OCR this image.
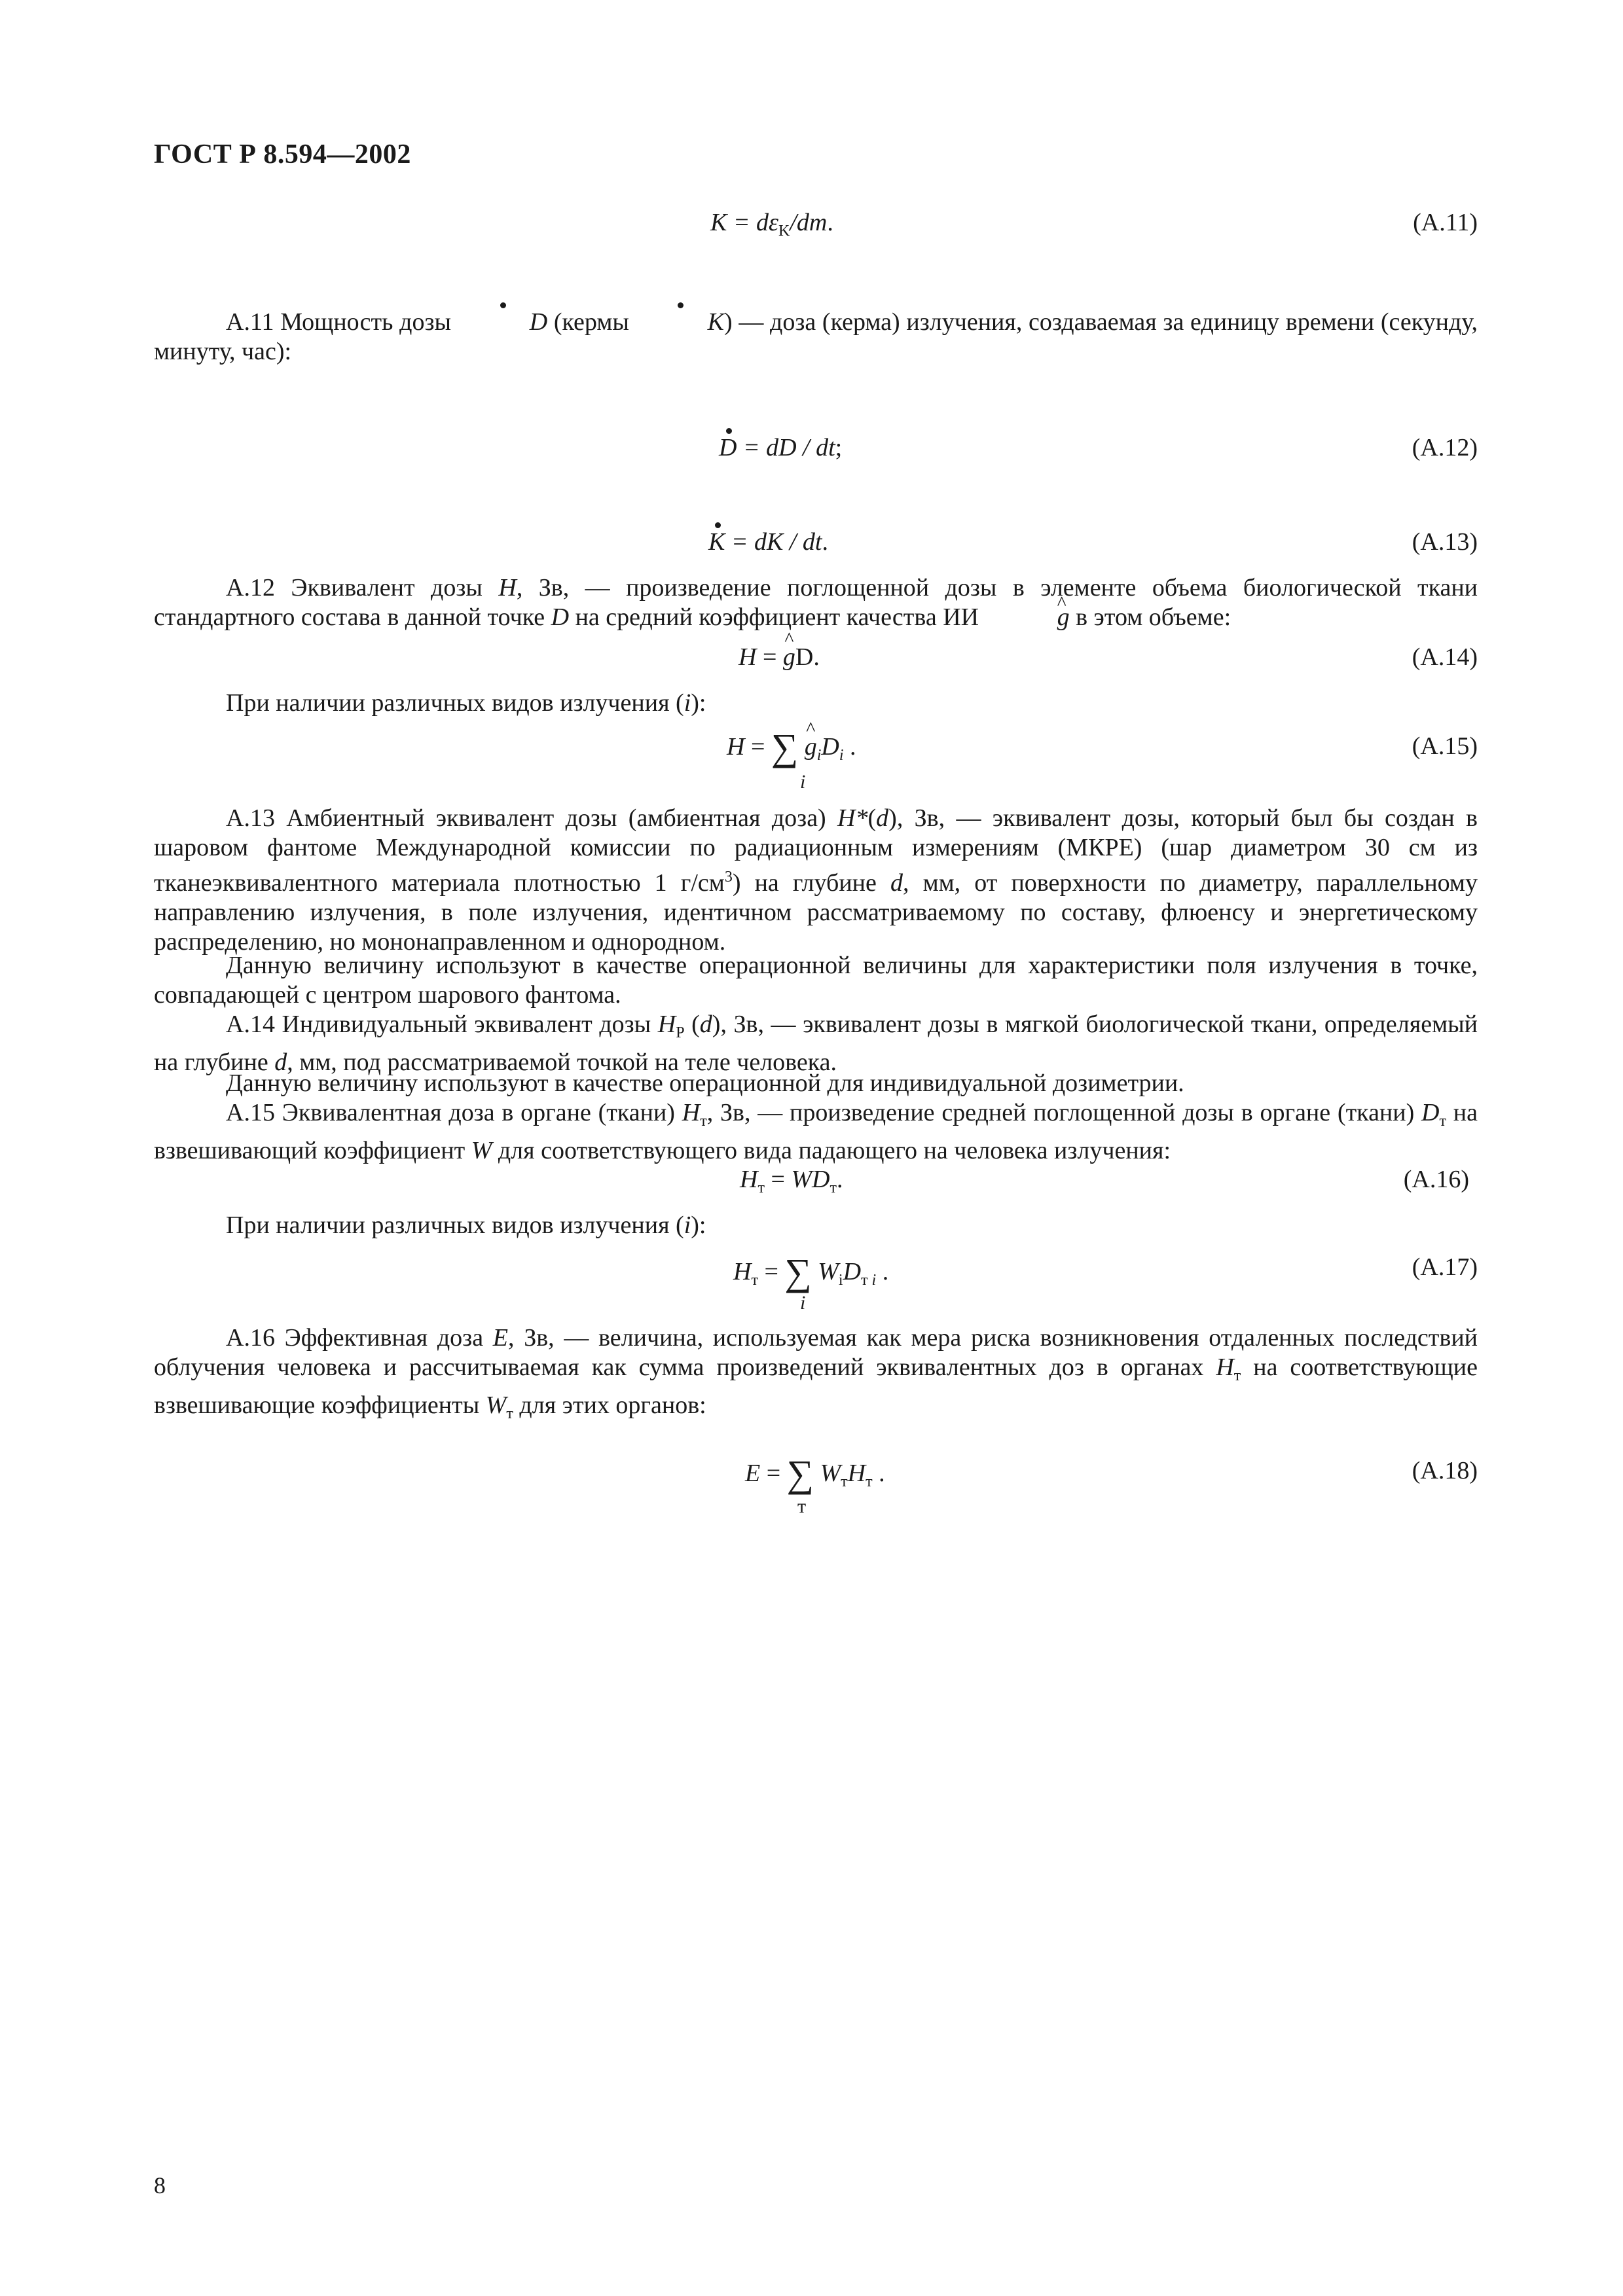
ГОСТ Р 8.594—2002
$K = d\varepsilon_K/dm$.	(А.11)
А.11 Мощность дозы	D (кермы	K) — доза (керма) излучения, создаваемая за единицу времени (секунду, минуту, час):
D = dD / dt;	(А.12)
K = dK / dt.	(А.13)
А.12 Эквивалент дозы H, Зв, — произведение поглощенной дозы в элементе объема биологической ткани стандартного состава в данной точке D на средний коэффициент качества ИИ	^ g в этом объеме:
H = ^ gD.	(А.14)
При наличии различных видов излучения (i):
H = ∑ ^ $g_iD_i$ .
i
(А.15)
А.13 Амбиентный эквивалент дозы (амбиентная доза) H*(d), Зв, — эквивалент дозы, который был бы создан в шаровом фантоме Международной комиссии по радиационным измерениям (МКРЕ) (шар диаметром 30 см из тканеэквивалентного материала плотностью 1 $г/см^3$) на глубине d, мм, от поверхности по диаметру, параллельному направлению излучения, в поле излучения, идентичном рассматриваемому по составу, флюенсу и энергетическому распределению, но мононаправленном и однородном.
Данную величину используют в качестве операционной величины для характеристики поля излучения в точке, совпадающей с центром шарового фантома.
А.14 Индивидуальный эквивалент дозы $H_P$ (d), Зв, — эквивалент дозы в мягкой биологической ткани, определяемый на глубине d, мм, под рассматриваемой точкой на теле человека.
Данную величину используют в качестве операционной для индивидуальной дозиметрии.
А.15 Эквивалентная доза в органе (ткани) $H_т$, Зв, — произведение средней поглощенной дозы в органе (ткани) $D_т$ на взвешивающий коэффициент W для соответствующего вида падающего на человека излучения:
$H_т = WD_т$.	(А.16)
При наличии различных видов излучения (i):
$H_т$ = ∑ $W_iD_{т i}$ .
i
(А.17)
А.16 Эффективная доза E, Зв, — величина, используемая как мера риска возникновения отдаленных последствий облучения человека и рассчитываемая как сумма произведений эквивалентных доз в органах $H_т$ на соответствующие взвешивающие коэффициенты $W_т$ для этих органов:
E = ∑ $W_тH_т$ .
т
(А.18)
8
